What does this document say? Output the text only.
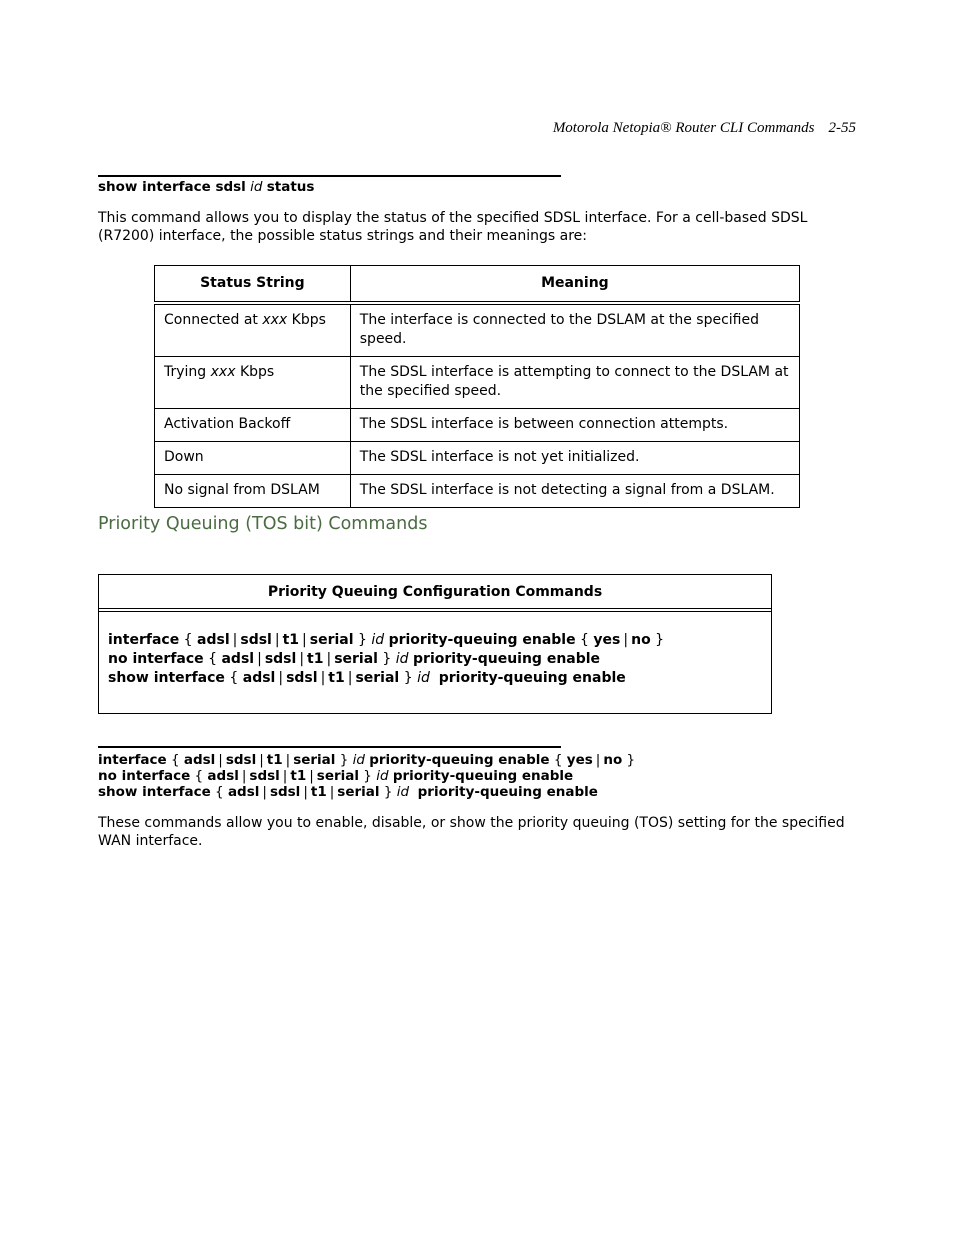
Motorola Netopia® Router CLI Commands 2-55
show interface sdsl id status
This command allows you to display the status of the specified SDSL interface. For a cell-based SDSL (R7200) interface, the possible status strings and their meanings are:
Status String	Meaning
Connected at xxx Kbps	The interface is connected to the DSLAM at the specified speed.
Trying xxx Kbps	The SDSL interface is attempting to connect to the DSLAM at the specified speed.
Activation Backoff	The SDSL interface is between connection attempts.
Down	The SDSL interface is not yet initialized.
No signal from DSLAM	The SDSL interface is not detecting a signal from a DSLAM.
Priority Queuing (TOS bit) Commands
Priority Queuing Configuration Commands
interface { adsl | sdsl | t1 | serial } id priority-queuing enable { yes | no }
no interface { adsl | sdsl | t1 | serial } id priority-queuing enable
show interface { adsl | sdsl | t1 | serial } id priority-queuing enable
interface { adsl | sdsl | t1 | serial } id priority-queuing enable { yes | no }
no interface { adsl | sdsl | t1 | serial } id priority-queuing enable
show interface { adsl | sdsl | t1 | serial } id priority-queuing enable
These commands allow you to enable, disable, or show the priority queuing (TOS) setting for the specified WAN interface.
